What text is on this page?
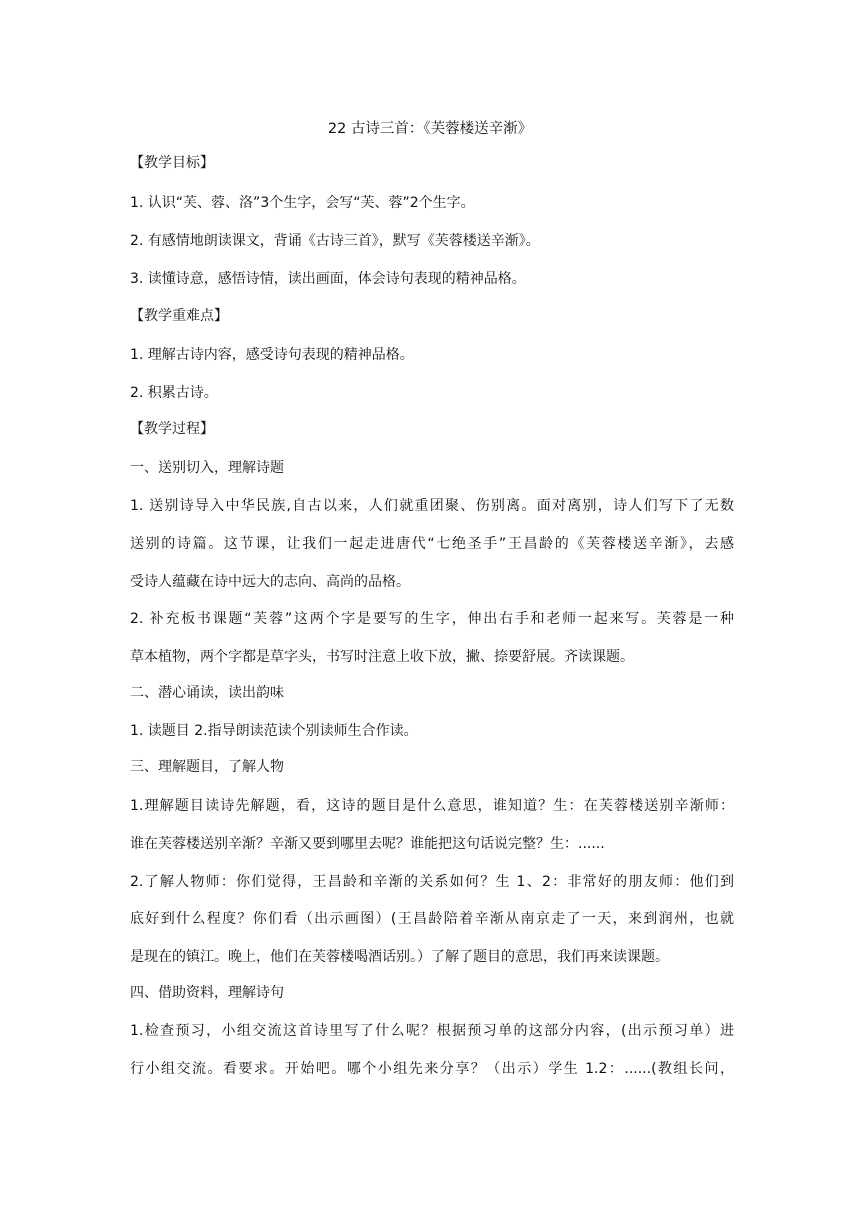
22 古诗三首：《芙蓉楼送辛渐》
【教学目标】
1. 认识“芙、蓉、洛”3个生字，会写“芙、蓉”2个生字。
2. 有感情地朗读课文，背诵《古诗三首》，默写《芙蓉楼送辛渐》。
3. 读懂诗意，感悟诗情，读出画面，体会诗句表现的精神品格。
【教学重难点】
1. 理解古诗内容，感受诗句表现的精神品格。
2. 积累古诗。
【教学过程】
一、送别切入，理解诗题
1. 送别诗导入中华民族,自古以来，人们就重团聚、伤别离。面对离别，诗人们写下了无数
送别的诗篇。这节课，让我们一起走进唐代“七绝圣手”王昌龄的《芙蓉楼送辛渐》，去感
受诗人蕴藏在诗中远大的志向、高尚的品格。
2. 补充板书课题“芙蓉”这两个字是要写的生字，伸出右手和老师一起来写。芙蓉是一种
草本植物，两个字都是草字头，书写时注意上收下放，撇、捺要舒展。齐读课题。
二、潜心诵读，读出韵味
1. 读题目 2.指导朗读范读个别读师生合作读。
三、理解题目，了解人物
1.理解题目读诗先解题，看，这诗的题目是什么意思，谁知道？生：在芙蓉楼送别辛渐师：
谁在芙蓉楼送别辛渐？辛渐又要到哪里去呢？谁能把这句话说完整？生：......
2.了解人物师：你们觉得，王昌龄和辛渐的关系如何？生 1、2：非常好的朋友师：他们到
底好到什么程度？你们看（出示画图）(王昌龄陪着辛渐从南京走了一天，来到润州，也就
是现在的镇江。晚上，他们在芙蓉楼喝酒话别。）了解了题目的意思，我们再来读课题。
四、借助资料，理解诗句
1.检查预习，小组交流这首诗里写了什么呢？根据预习单的这部分内容，(出示预习单）进
行小组交流。看要求。开始吧。哪个小组先来分享？（出示）学生 1.2：......(教组长问，
